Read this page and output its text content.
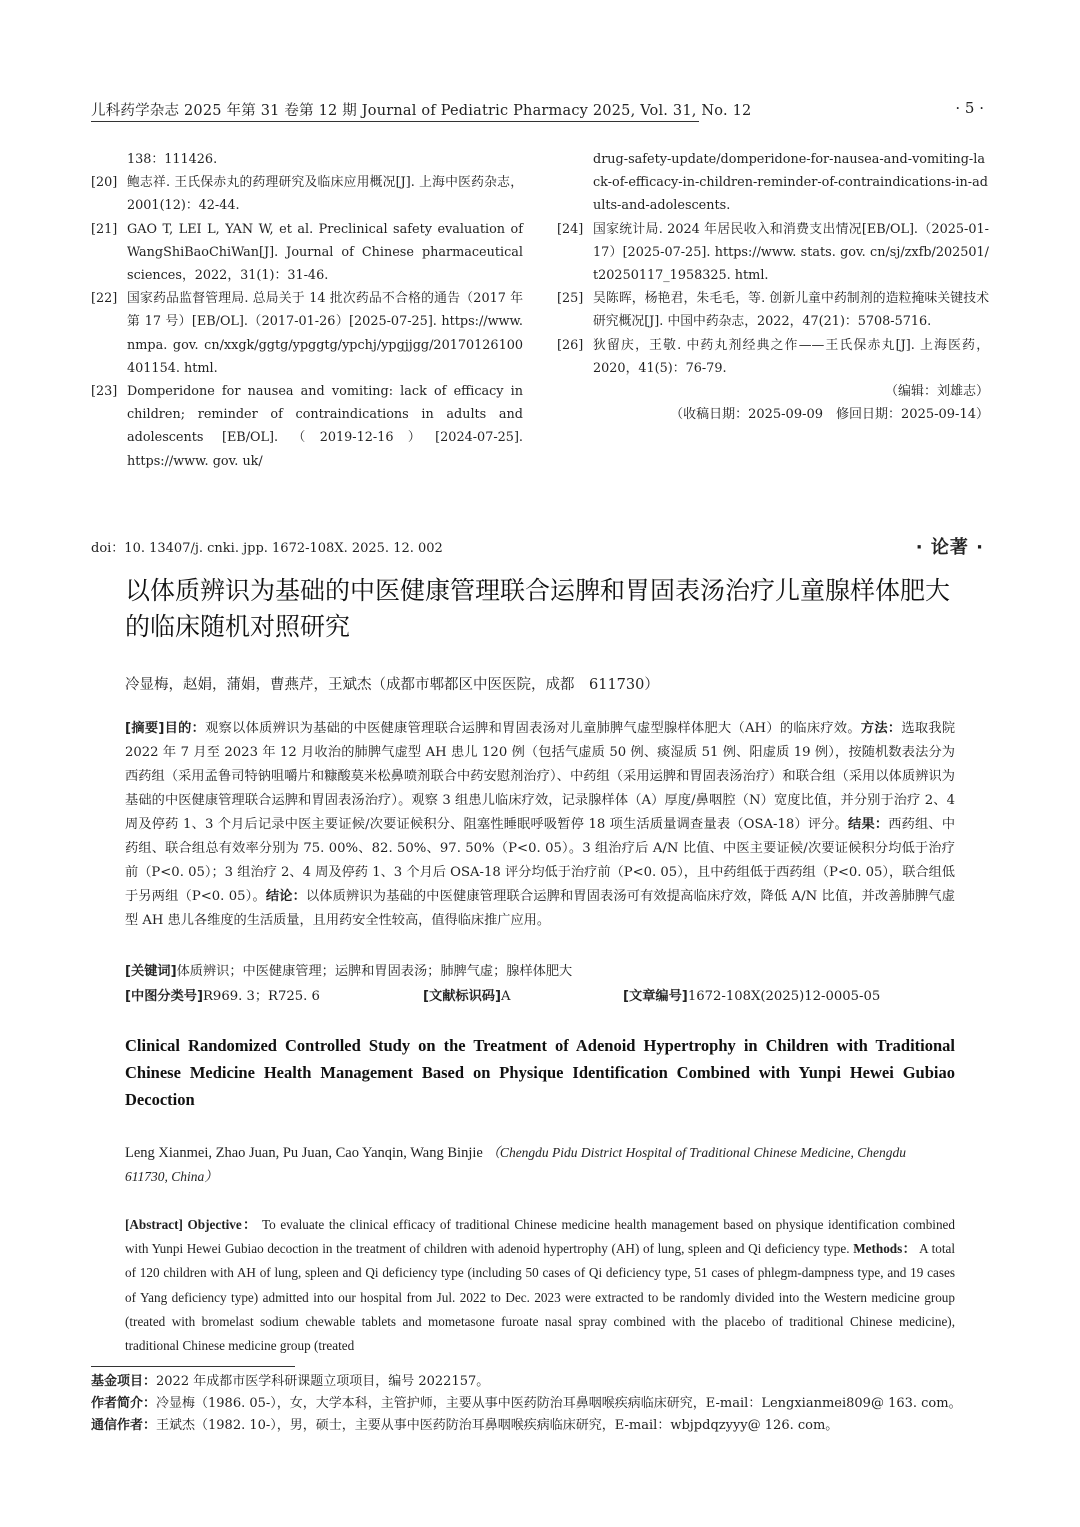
儿科药学杂志 2025 年第 31 卷第 12 期 Journal of Pediatric Pharmacy 2025, Vol. 31, No. 12	· 5 ·
138：111426.
[20] 鲍志祥. 王氏保赤丸的药理研究及临床应用概况[J]. 上海中医药杂志，2001(12)：42-44.
[21] GAO T, LEI L, YAN W, et al. Preclinical safety evaluation of WangShiBaoChiWan[J]. Journal of Chinese pharmaceutical sciences，2022，31(1)：31-46.
[22] 国家药品监督管理局. 总局关于 14 批次药品不合格的通告（2017 年第 17 号）[EB/OL].（2017-01-26）[2025-07-25]. https://www. nmpa. gov. cn/xxgk/ggtg/ypggtg/ypchj/ypgjjgg/20170126100401154. html.
[23] Domperidone for nausea and vomiting: lack of efficacy in children; reminder of contraindications in adults and adolescents [EB/OL].（2019-12-16）[2024-07-25]. https://www. gov. uk/
drug-safety-update/domperidone-for-nausea-and-vomiting-lack-of-efficacy-in-children-reminder-of-contraindications-in-adults-and-adolescents.
[24] 国家统计局. 2024 年居民收入和消费支出情况[EB/OL].（2025-01-17）[2025-07-25]. https://www. stats. gov. cn/sj/zxfb/202501/ t20250117_1958325. html.
[25] 吴陈晖，杨艳君，朱毛毛，等. 创新儿童中药制剂的造粒掩味关键技术研究概况[J]. 中国中药杂志，2022，47(21)：5708-5716.
[26] 狄留庆，王敬. 中药丸剂经典之作——王氏保赤丸[J]. 上海医药，2020，41(5)：76-79.
（编辑：刘雄志）
（收稿日期：2025-09-09　修回日期：2025-09-14）
doi：10. 13407/j. cnki. jpp. 1672-108X. 2025. 12. 002	· 论著 ·
以体质辨识为基础的中医健康管理联合运脾和胃固表汤治疗儿童腺样体肥大的临床随机对照研究
冷显梅，赵娟，蒲娟，曹燕芹，王斌杰（成都市郫都区中医医院，成都　611730）
[摘要]目的：观察以体质辨识为基础的中医健康管理联合运脾和胃固表汤对儿童肺脾气虚型腺样体肥大（AH）的临床疗效。方法：选取我院 2022 年 7 月至 2023 年 12 月收治的肺脾气虚型 AH 患儿 120 例（包括气虚质 50 例、痰湿质 51 例、阳虚质 19 例），按随机数表法分为西药组（采用孟鲁司特钠咀嚼片和糠酸莫米松鼻喷剂联合中药安慰剂治疗）、中药组（采用运脾和胃固表汤治疗）和联合组（采用以体质辨识为基础的中医健康管理联合运脾和胃固表汤治疗）。观察 3 组患儿临床疗效，记录腺样体（A）厚度/鼻咽腔（N）宽度比值，并分别于治疗 2、4 周及停药 1、3 个月后记录中医主要证候/次要证候积分、阻塞性睡眠呼吸暂停 18 项生活质量调查量表（OSA-18）评分。结果：西药组、中药组、联合组总有效率分别为 75. 00%、82. 50%、97. 50%（P<0. 05）。3 组治疗后 A/N 比值、中医主要证候/次要证候积分均低于治疗前（P<0. 05）；3 组治疗 2、4 周及停药 1、3 个月后 OSA-18 评分均低于治疗前（P<0. 05），且中药组低于西药组（P<0. 05），联合组低于另两组（P<0. 05）。结论：以体质辨识为基础的中医健康管理联合运脾和胃固表汤可有效提高临床疗效，降低 A/N 比值，并改善肺脾气虚型 AH 患儿各维度的生活质量，且用药安全性较高，值得临床推广应用。
[关键词]体质辨识；中医健康管理；运脾和胃固表汤；肺脾气虚；腺样体肥大
[中图分类号]R969. 3；R725. 6	[文献标识码]A	[文章编号]1672-108X(2025)12-0005-05
Clinical Randomized Controlled Study on the Treatment of Adenoid Hypertrophy in Children with Traditional Chinese Medicine Health Management Based on Physique Identification Combined with Yunpi Hewei Gubiao Decoction
Leng Xianmei, Zhao Juan, Pu Juan, Cao Yanqin, Wang Binjie （Chengdu Pidu District Hospital of Traditional Chinese Medicine, Chengdu　611730, China）
[Abstract] Objective： To evaluate the clinical efficacy of traditional Chinese medicine health management based on physique identification combined with Yunpi Hewei Gubiao decoction in the treatment of children with adenoid hypertrophy (AH) of lung, spleen and Qi deficiency type. Methods： A total of 120 children with AH of lung, spleen and Qi deficiency type (including 50 cases of Qi deficiency type, 51 cases of phlegm-dampness type, and 19 cases of Yang deficiency type) admitted into our hospital from Jul. 2022 to Dec. 2023 were extracted to be randomly divided into the Western medicine group (treated with bromelast sodium chewable tablets and mometasone furoate nasal spray combined with the placebo of traditional Chinese medicine), traditional Chinese medicine group (treated
基金项目：2022 年成都市医学科研课题立项项目，编号 2022157。
作者简介：冷显梅（1986. 05-），女，大学本科，主管护师，主要从事中医药防治耳鼻咽喉疾病临床研究，E-mail：Lengxianmei809@ 163. com。
通信作者：王斌杰（1982. 10-），男，硕士，主要从事中医药防治耳鼻咽喉疾病临床研究，E-mail：wbjpdqzyyy@ 126. com。
